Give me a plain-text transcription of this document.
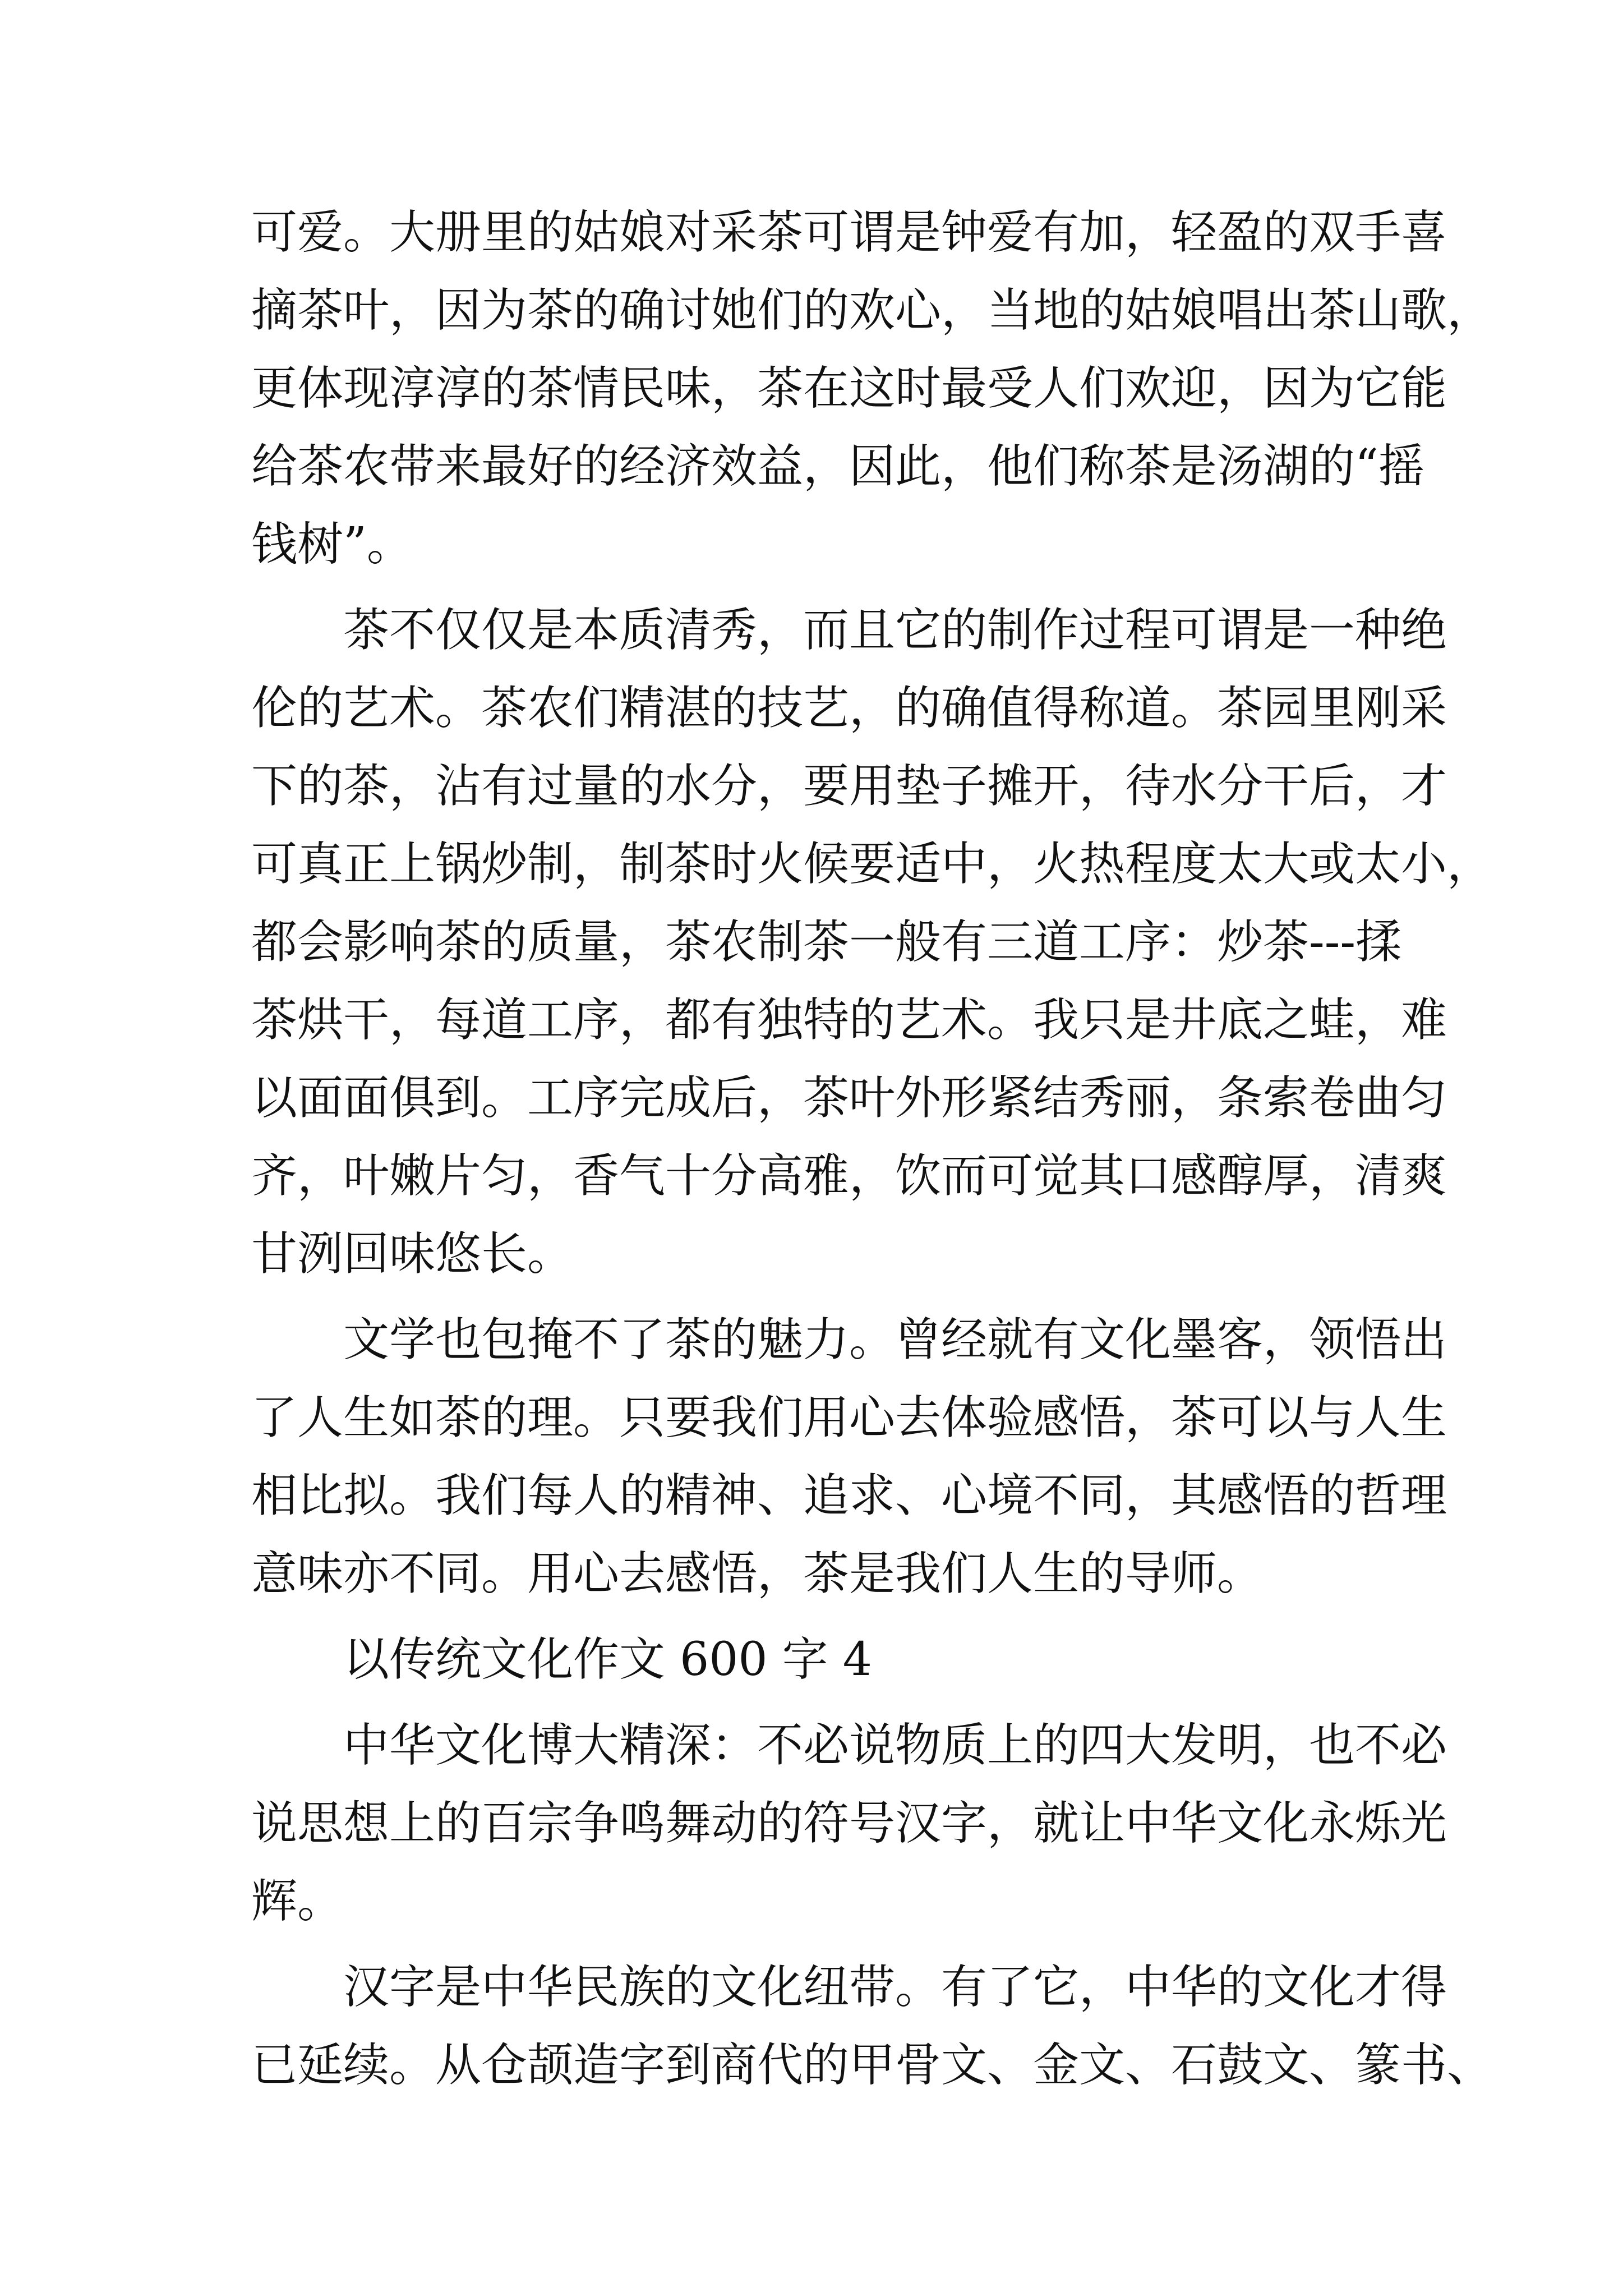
可爱。大册里的姑娘对采茶可谓是钟爱有加，轻盈的双手喜
摘茶叶，因为茶的确讨她们的欢心，当地的姑娘唱出茶山歌，
更体现淳淳的茶情民味，茶在这时最受人们欢迎，因为它能
给茶农带来最好的经济效益，因此，他们称茶是汤湖的“摇
钱树”。
茶不仅仅是本质清秀，而且它的制作过程可谓是一种绝
伦的艺术。茶农们精湛的技艺，的确值得称道。茶园里刚采
下的茶，沾有过量的水分，要用垫子摊开，待水分干后，才
可真正上锅炒制，制茶时火候要适中，火热程度太大或太小，
都会影响茶的质量，茶农制茶一般有三道工序：炒茶---揉
茶烘干，每道工序，都有独特的艺术。我只是井底之蛙，难
以面面俱到。工序完成后，茶叶外形紧结秀丽，条索卷曲匀
齐，叶嫩片匀，香气十分高雅，饮而可觉其口感醇厚，清爽
甘洌回味悠长。
文学也包掩不了茶的魅力。曾经就有文化墨客，领悟出
了人生如茶的理。只要我们用心去体验感悟，茶可以与人生
相比拟。我们每人的精神、追求、心境不同，其感悟的哲理
意味亦不同。用心去感悟，茶是我们人生的导师。
以传统文化作文 600 字 4
中华文化博大精深：不必说物质上的四大发明，也不必
说思想上的百宗争鸣舞动的符号汉字，就让中华文化永烁光
辉。
汉字是中华民族的文化纽带。有了它，中华的文化才得
已延续。从仓颉造字到商代的甲骨文、金文、石鼓文、篆书、
